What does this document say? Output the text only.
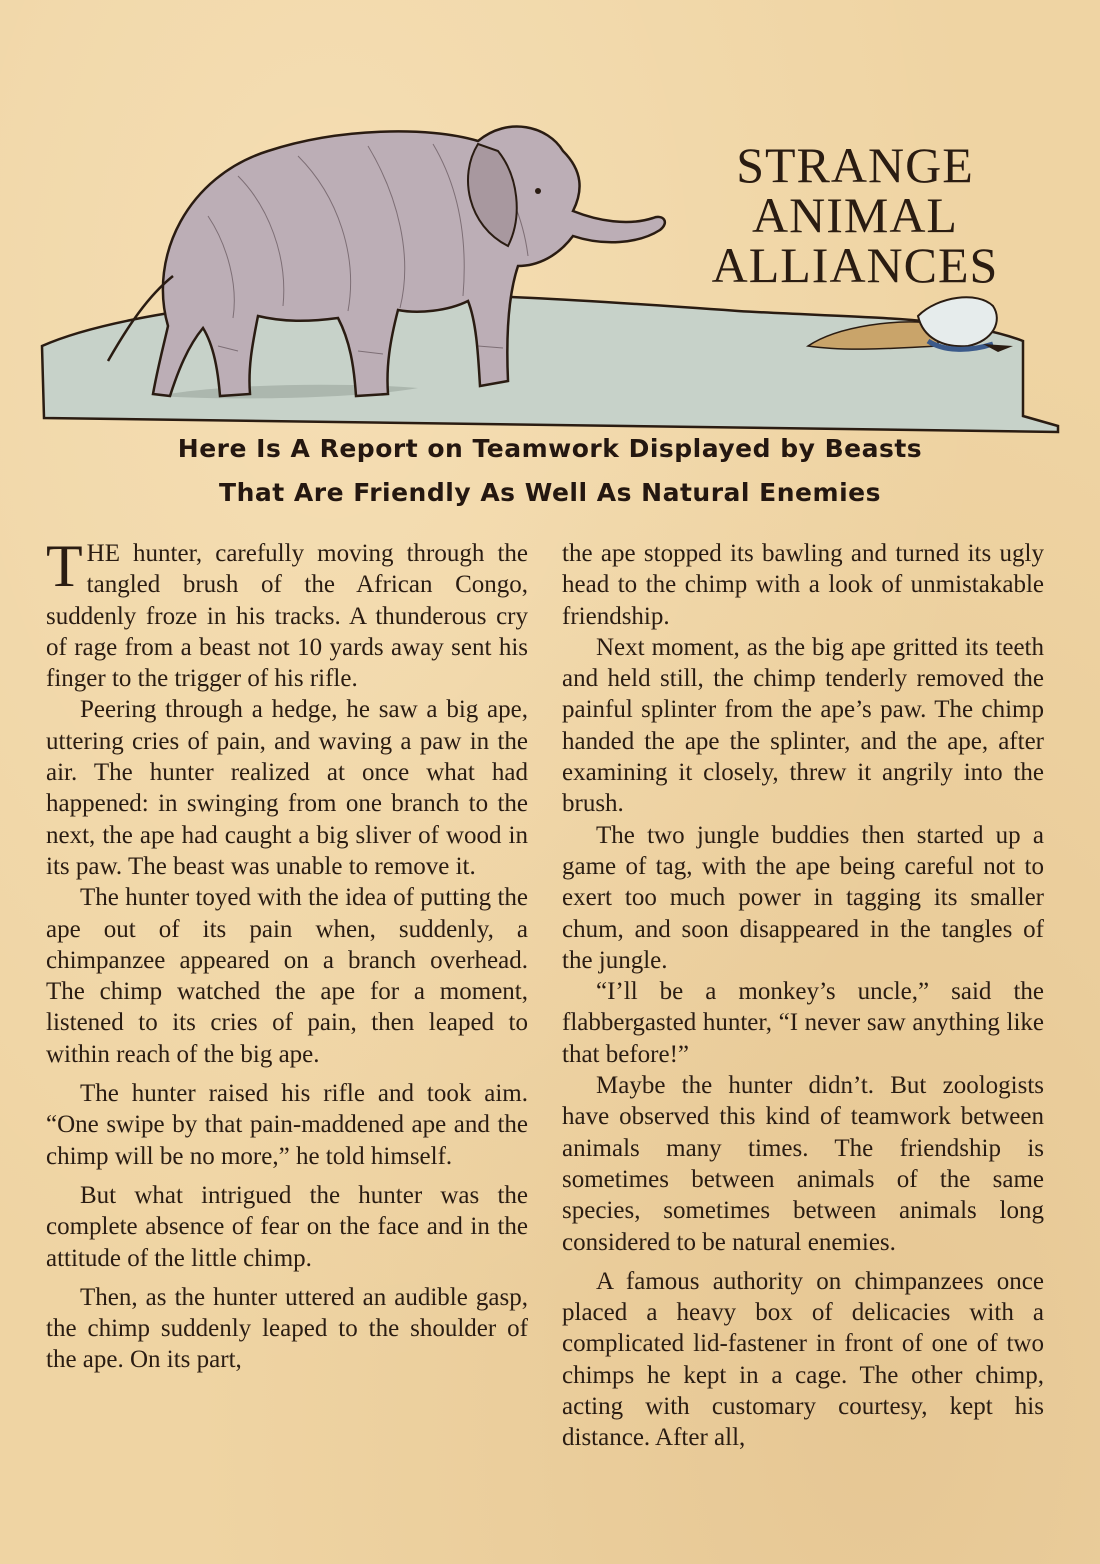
STRANGE
ANIMAL
ALLIANCES
Here Is A Report on Teamwork Displayed by Beasts
That Are Friendly As Well As Natural Enemies

THE hunter, carefully moving through the tangled brush of the African Congo, suddenly froze in his tracks. A thunderous cry of rage from a beast not 10 yards away sent his finger to the trigger of his rifle.

Peering through a hedge, he saw a big ape, uttering cries of pain, and waving a paw in the air. The hunter realized at once what had happened: in swinging from one branch to the next, the ape had caught a big sliver of wood in its paw. The beast was unable to remove it.

The hunter toyed with the idea of putting the ape out of its pain when, suddenly, a chimpanzee appeared on a branch overhead. The chimp watched the ape for a moment, listened to its cries of pain, then leaped to within reach of the big ape.

The hunter raised his rifle and took aim. “One swipe by that pain-maddened ape and the chimp will be no more,” he told himself.

But what intrigued the hunter was the complete absence of fear on the face and in the attitude of the little chimp.

Then, as the hunter uttered an audible gasp, the chimp suddenly leaped to the shoulder of the ape. On its part,

the ape stopped its bawling and turned its ugly head to the chimp with a look of unmistakable friendship.

Next moment, as the big ape gritted its teeth and held still, the chimp tenderly removed the painful splinter from the ape’s paw. The chimp handed the ape the splinter, and the ape, after examining it closely, threw it angrily into the brush.

The two jungle buddies then started up a game of tag, with the ape being careful not to exert too much power in tagging its smaller chum, and soon disappeared in the tangles of the jungle.

“I’ll be a monkey’s uncle,” said the flabbergasted hunter, “I never saw anything like that before!”

Maybe the hunter didn’t. But zoologists have observed this kind of teamwork between animals many times. The friendship is sometimes between animals of the same species, sometimes between animals long considered to be natural enemies.

A famous authority on chimpanzees once placed a heavy box of delicacies with a complicated lid-fastener in front of one of two chimps he kept in a cage. The other chimp, acting with customary courtesy, kept his distance. After all,
